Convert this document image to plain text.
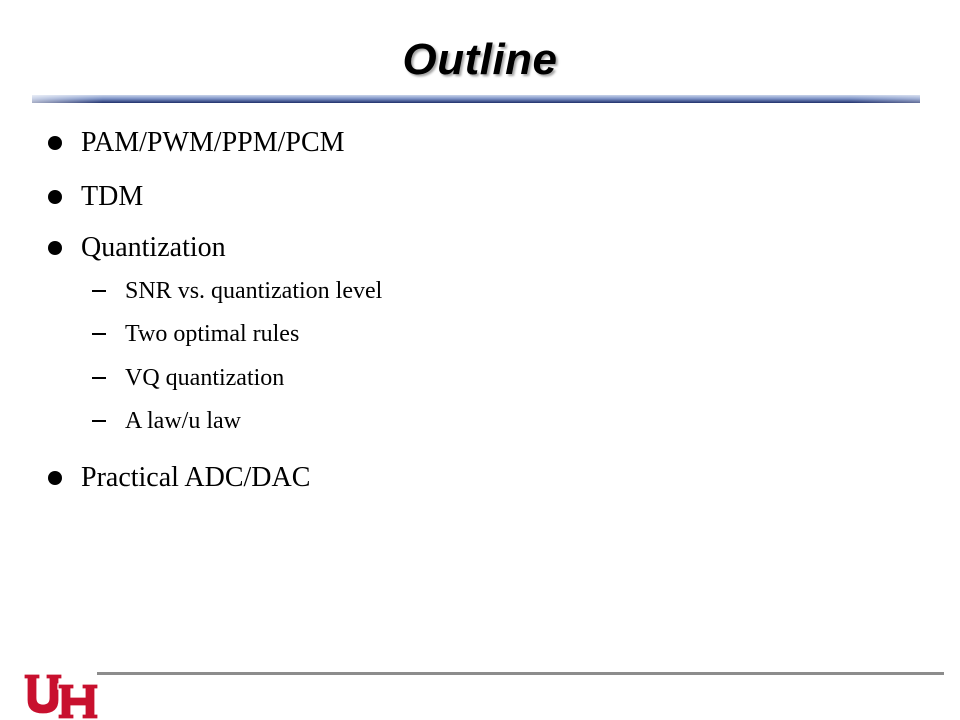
Outline
PAM/PWM/PPM/PCM
TDM
Quantization
SNR vs. quantization level
Two optimal rules
VQ quantization
A law/u law
Practical ADC/DAC
